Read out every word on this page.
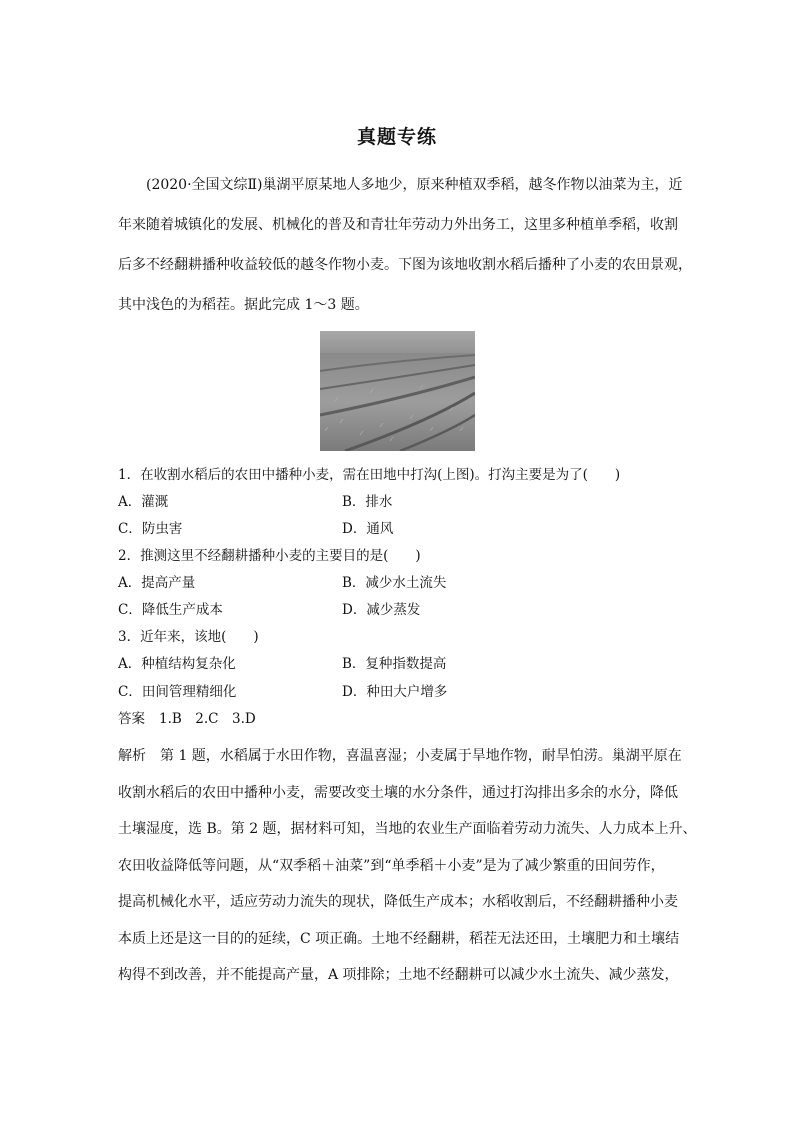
真题专练
(2020·全国文综Ⅱ)巢湖平原某地人多地少，原来种植双季稻，越冬作物以油菜为主，近
年来随着城镇化的发展、机械化的普及和青壮年劳动力外出务工，这里多种植单季稻，收割
后多不经翻耕播种收益较低的越冬作物小麦。下图为该地收割水稻后播种了小麦的农田景观，
其中浅色的为稻茬。据此完成 1～3 题。
1．在收割水稻后的农田中播种小麦，需在田地中打沟(上图)。打沟主要是为了(　　)
A．灌溉	B．排水
C．防虫害	D．通风
2．推测这里不经翻耕播种小麦的主要目的是(　　)
A．提高产量	B．减少水土流失
C．降低生产成本	D．减少蒸发
3．近年来，该地(　　)
A．种植结构复杂化	B．复种指数提高
C．田间管理精细化	D．种田大户增多
答案 1.B　2.C　3.D
解析　第 1 题，水稻属于水田作物，喜温喜湿；小麦属于旱地作物，耐旱怕涝。巢湖平原在
收割水稻后的农田中播种小麦，需要改变土壤的水分条件，通过打沟排出多余的水分，降低
土壤湿度，选 B。第 2 题，据材料可知，当地的农业生产面临着劳动力流失、人力成本上升、
农田收益降低等问题，从“双季稻＋油菜”到“单季稻＋小麦”是为了减少繁重的田间劳作，
提高机械化水平，适应劳动力流失的现状，降低生产成本；水稻收割后，不经翻耕播种小麦
本质上还是这一目的的延续，C 项正确。土地不经翻耕，稻茬无法还田，土壤肥力和土壤结
构得不到改善，并不能提高产量，A 项排除；土地不经翻耕可以减少水土流失、减少蒸发，
